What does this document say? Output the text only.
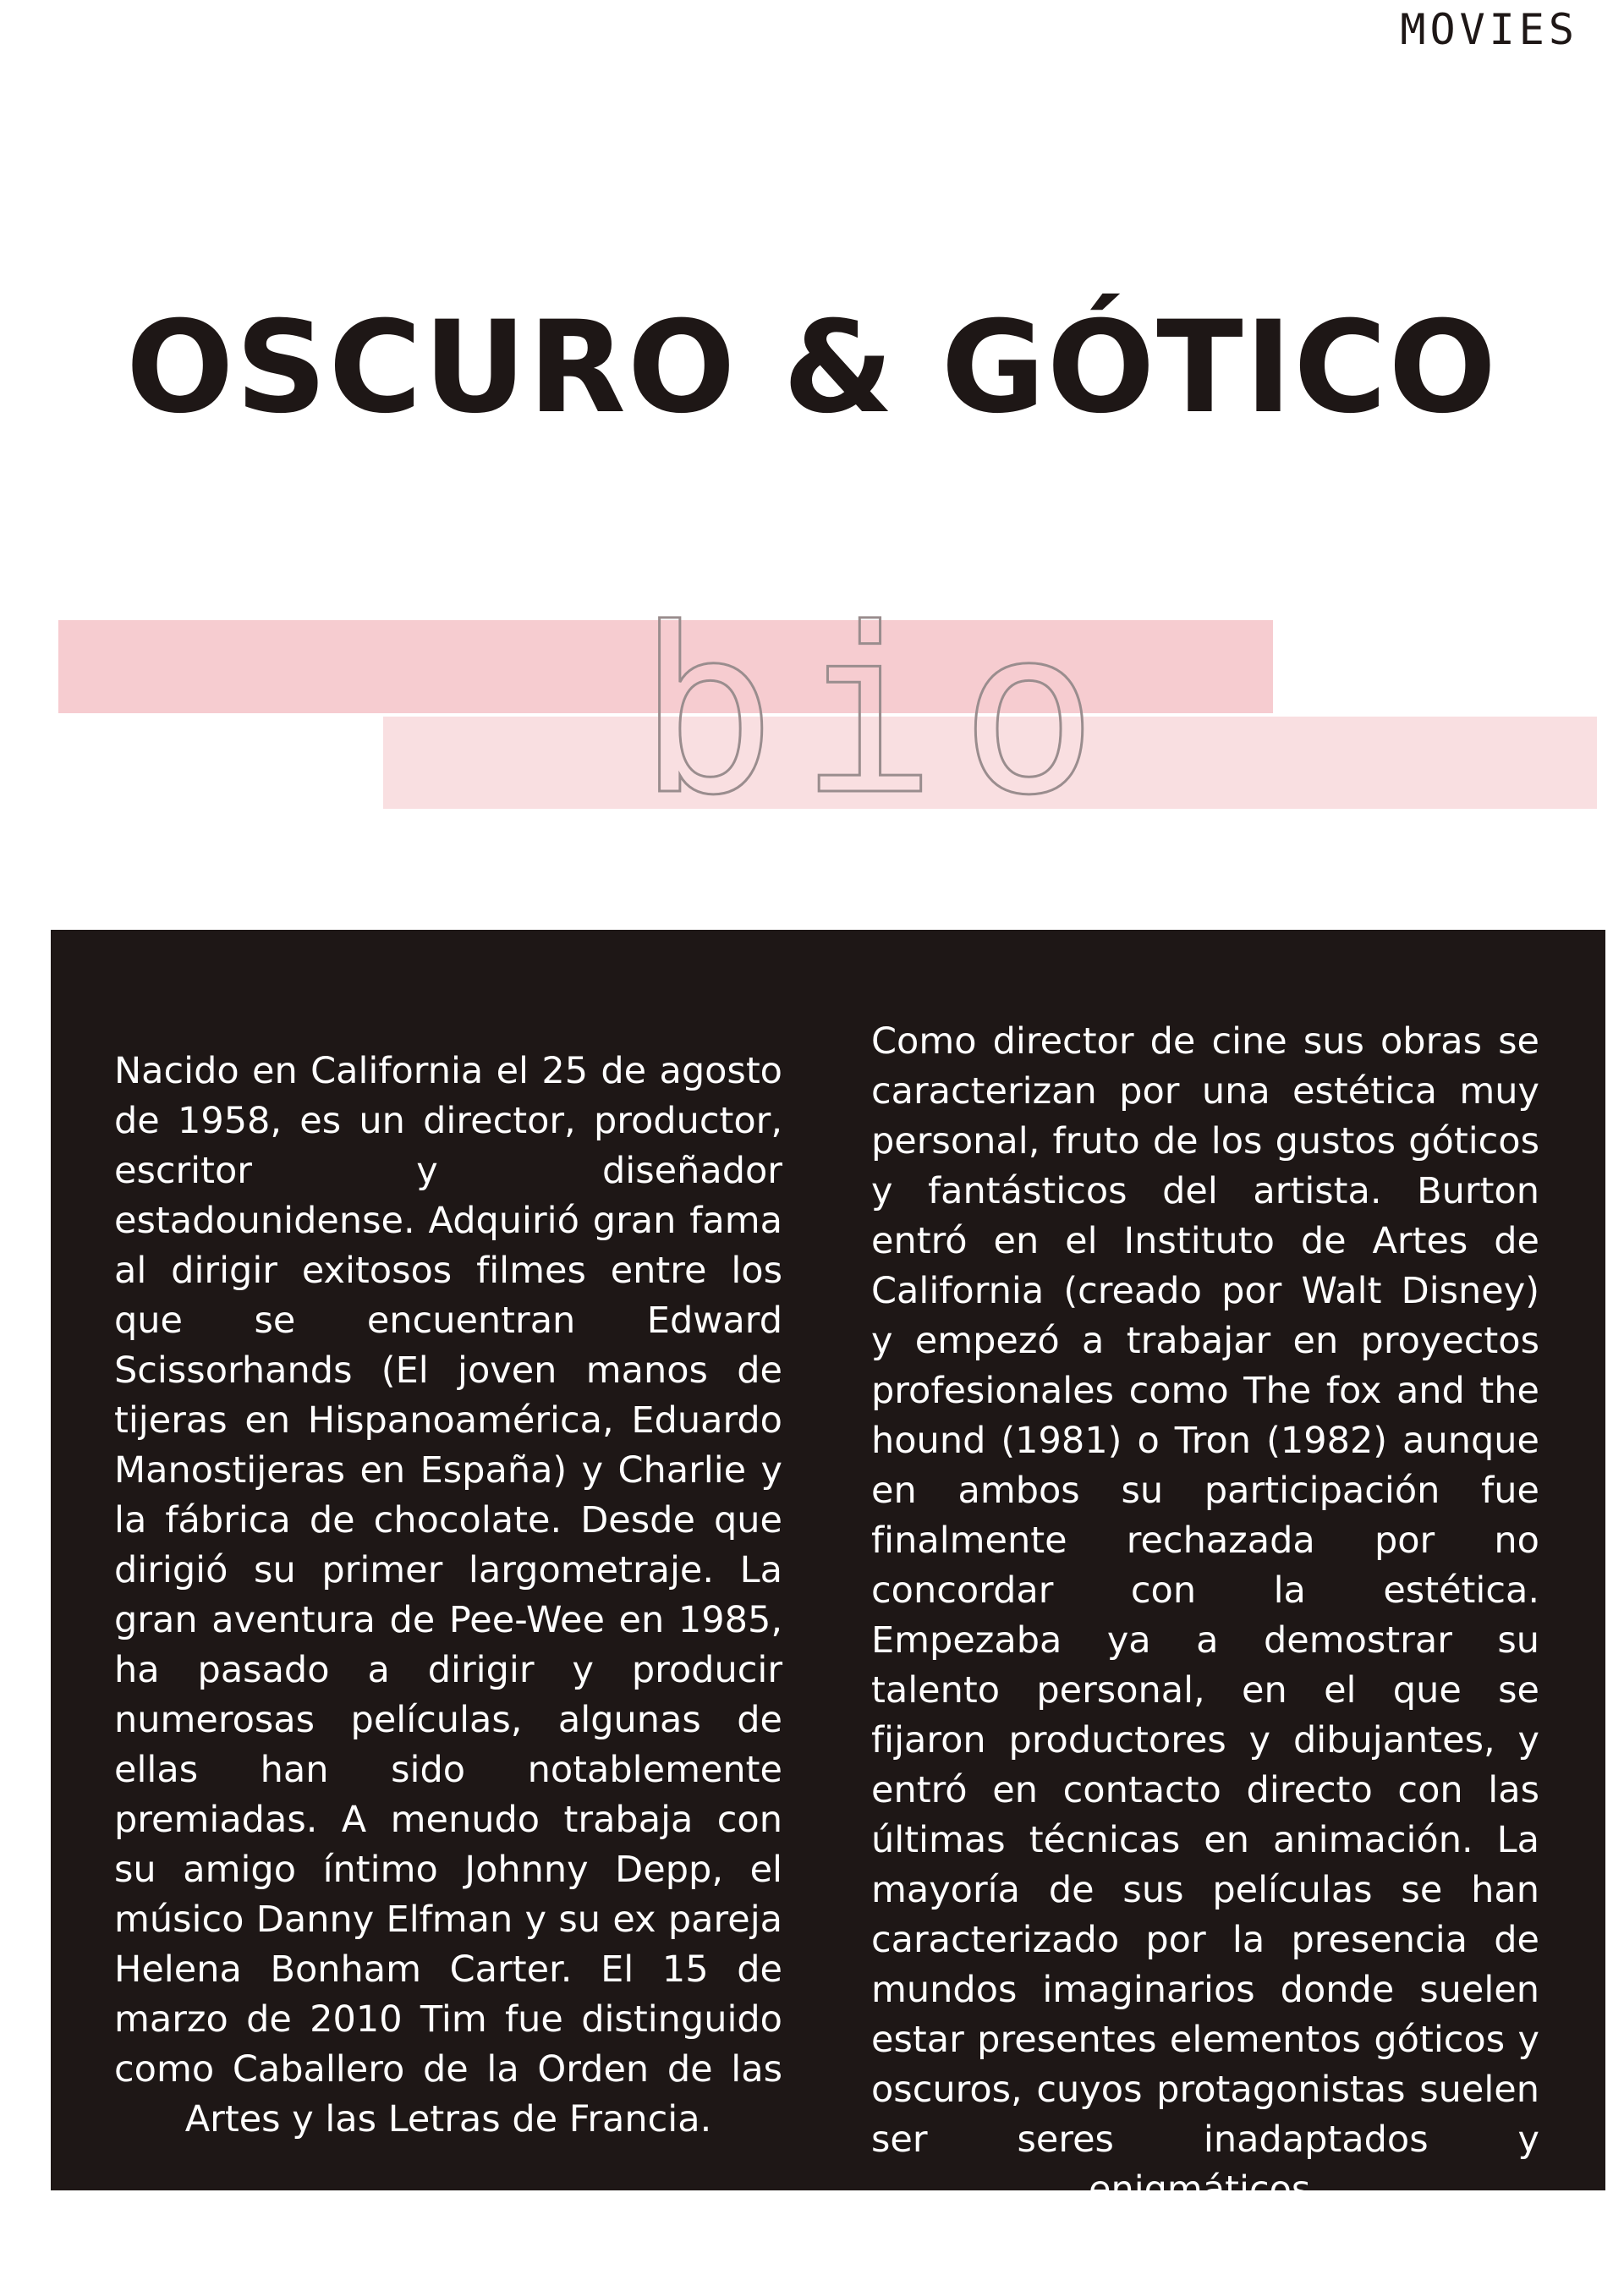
MOVIES
OSCURO & GÓTICO
bio

Nacido en California el 25 de agosto de 1958, es un director, productor, escritor y diseñador estadounidense. Adquirió gran fama al dirigir exitosos filmes entre los que se encuentran Edward Scissorhands (El joven manos de tijeras en Hispanoamérica, Eduardo Manostijeras en España) y Charlie y la fábrica de chocolate. Desde que dirigió su primer largometraje. La gran aventura de Pee-Wee en 1985, ha pasado a dirigir y producir numerosas películas, algunas de ellas han sido notablemente premiadas. A menudo trabaja con su amigo íntimo Johnny Depp, el músico Danny Elfman y su ex pareja Helena Bonham Carter. El 15 de marzo de 2010 Tim fue distinguido como Caballero de la Orden de las Artes y las Letras de Francia.

Como director de cine sus obras se caracterizan por una estética muy personal, fruto de los gustos góticos y fantásticos del artista. Burton entró en el Instituto de Artes de California (creado por Walt Disney) y empezó a trabajar en proyectos profesionales como The fox and the hound (1981) o Tron (1982) aunque en ambos su participación fue finalmente rechazada por no concordar con la estética. Empezaba ya a demostrar su talento personal, en el que se fijaron productores y dibujantes, y entró en contacto directo con las últimas técnicas en animación. La mayoría de sus películas se han caracterizado por la presencia de mundos imaginarios donde suelen estar presentes elementos góticos y oscuros, cuyos protagonistas suelen ser seres inadaptados y enigmáticos.
